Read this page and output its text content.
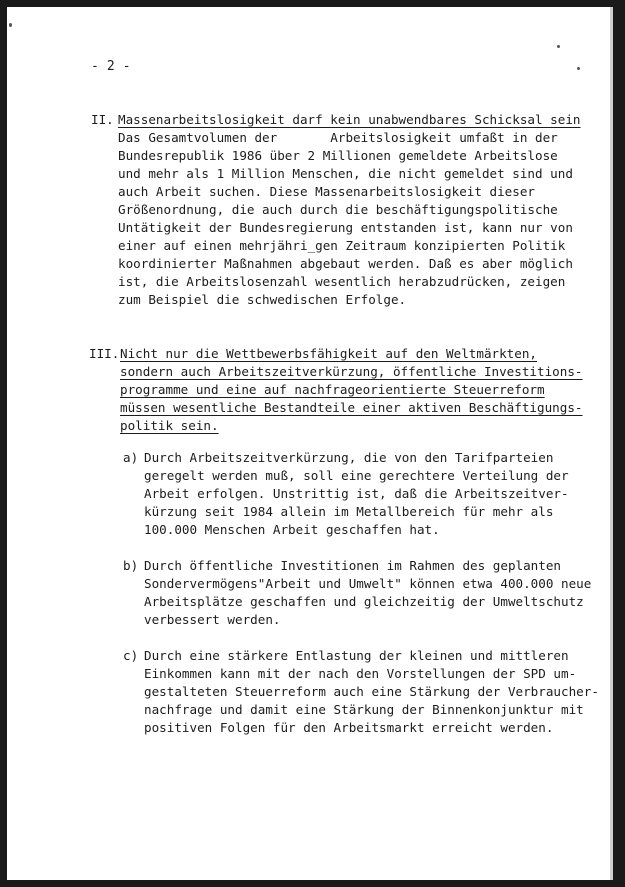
- 2 -
II. Massenarbeitslosigkeit darf kein unabwendbares Schicksal sein
Das Gesamtvolumen der       Arbeitslosigkeit umfaßt in der
Bundesrepublik 1986 über 2 Millionen gemeldete Arbeitslose
und mehr als 1 Million Menschen, die nicht gemeldet sind und
auch Arbeit suchen. Diese Massenarbeitslosigkeit dieser
Größenordnung, die auch durch die beschäftigungspolitische
Untätigkeit der Bundesregierung entstanden ist, kann nur von
einer auf einen mehrjähri_gen Zeitraum konzipierten Politik
koordinierter Maßnahmen abgebaut werden. Daß es aber möglich
ist, die Arbeitslosenzahl wesentlich herabzudrücken, zeigen
zum Beispiel die schwedischen Erfolge.
III. Nicht nur die Wettbewerbsfähigkeit auf den Weltmärkten,
sondern auch Arbeitszeitverkürzung, öffentliche Investitions-
programme und eine auf nachfrageorientierte Steuerreform
müssen wesentliche Bestandteile einer aktiven Beschäftigungs-
politik sein.
a) Durch Arbeitszeitverkürzung, die von den Tarifparteien
geregelt werden muß, soll eine gerechtere Verteilung der
Arbeit erfolgen. Unstrittig ist, daß die Arbeitszeitver-
kürzung seit 1984 allein im Metallbereich für mehr als
100.000 Menschen Arbeit geschaffen hat.
b) Durch öffentliche Investitionen im Rahmen des geplanten
Sondervermögens"Arbeit und Umwelt" können etwa 400.000 neue
Arbeitsplätze geschaffen und gleichzeitig der Umweltschutz
verbessert werden.
c) Durch eine stärkere Entlastung der kleinen und mittleren
Einkommen kann mit der nach den Vorstellungen der SPD um-
gestalteten Steuerreform auch eine Stärkung der Verbraucher-
nachfrage und damit eine Stärkung der Binnenkonjunktur mit
positiven Folgen für den Arbeitsmarkt erreicht werden.
